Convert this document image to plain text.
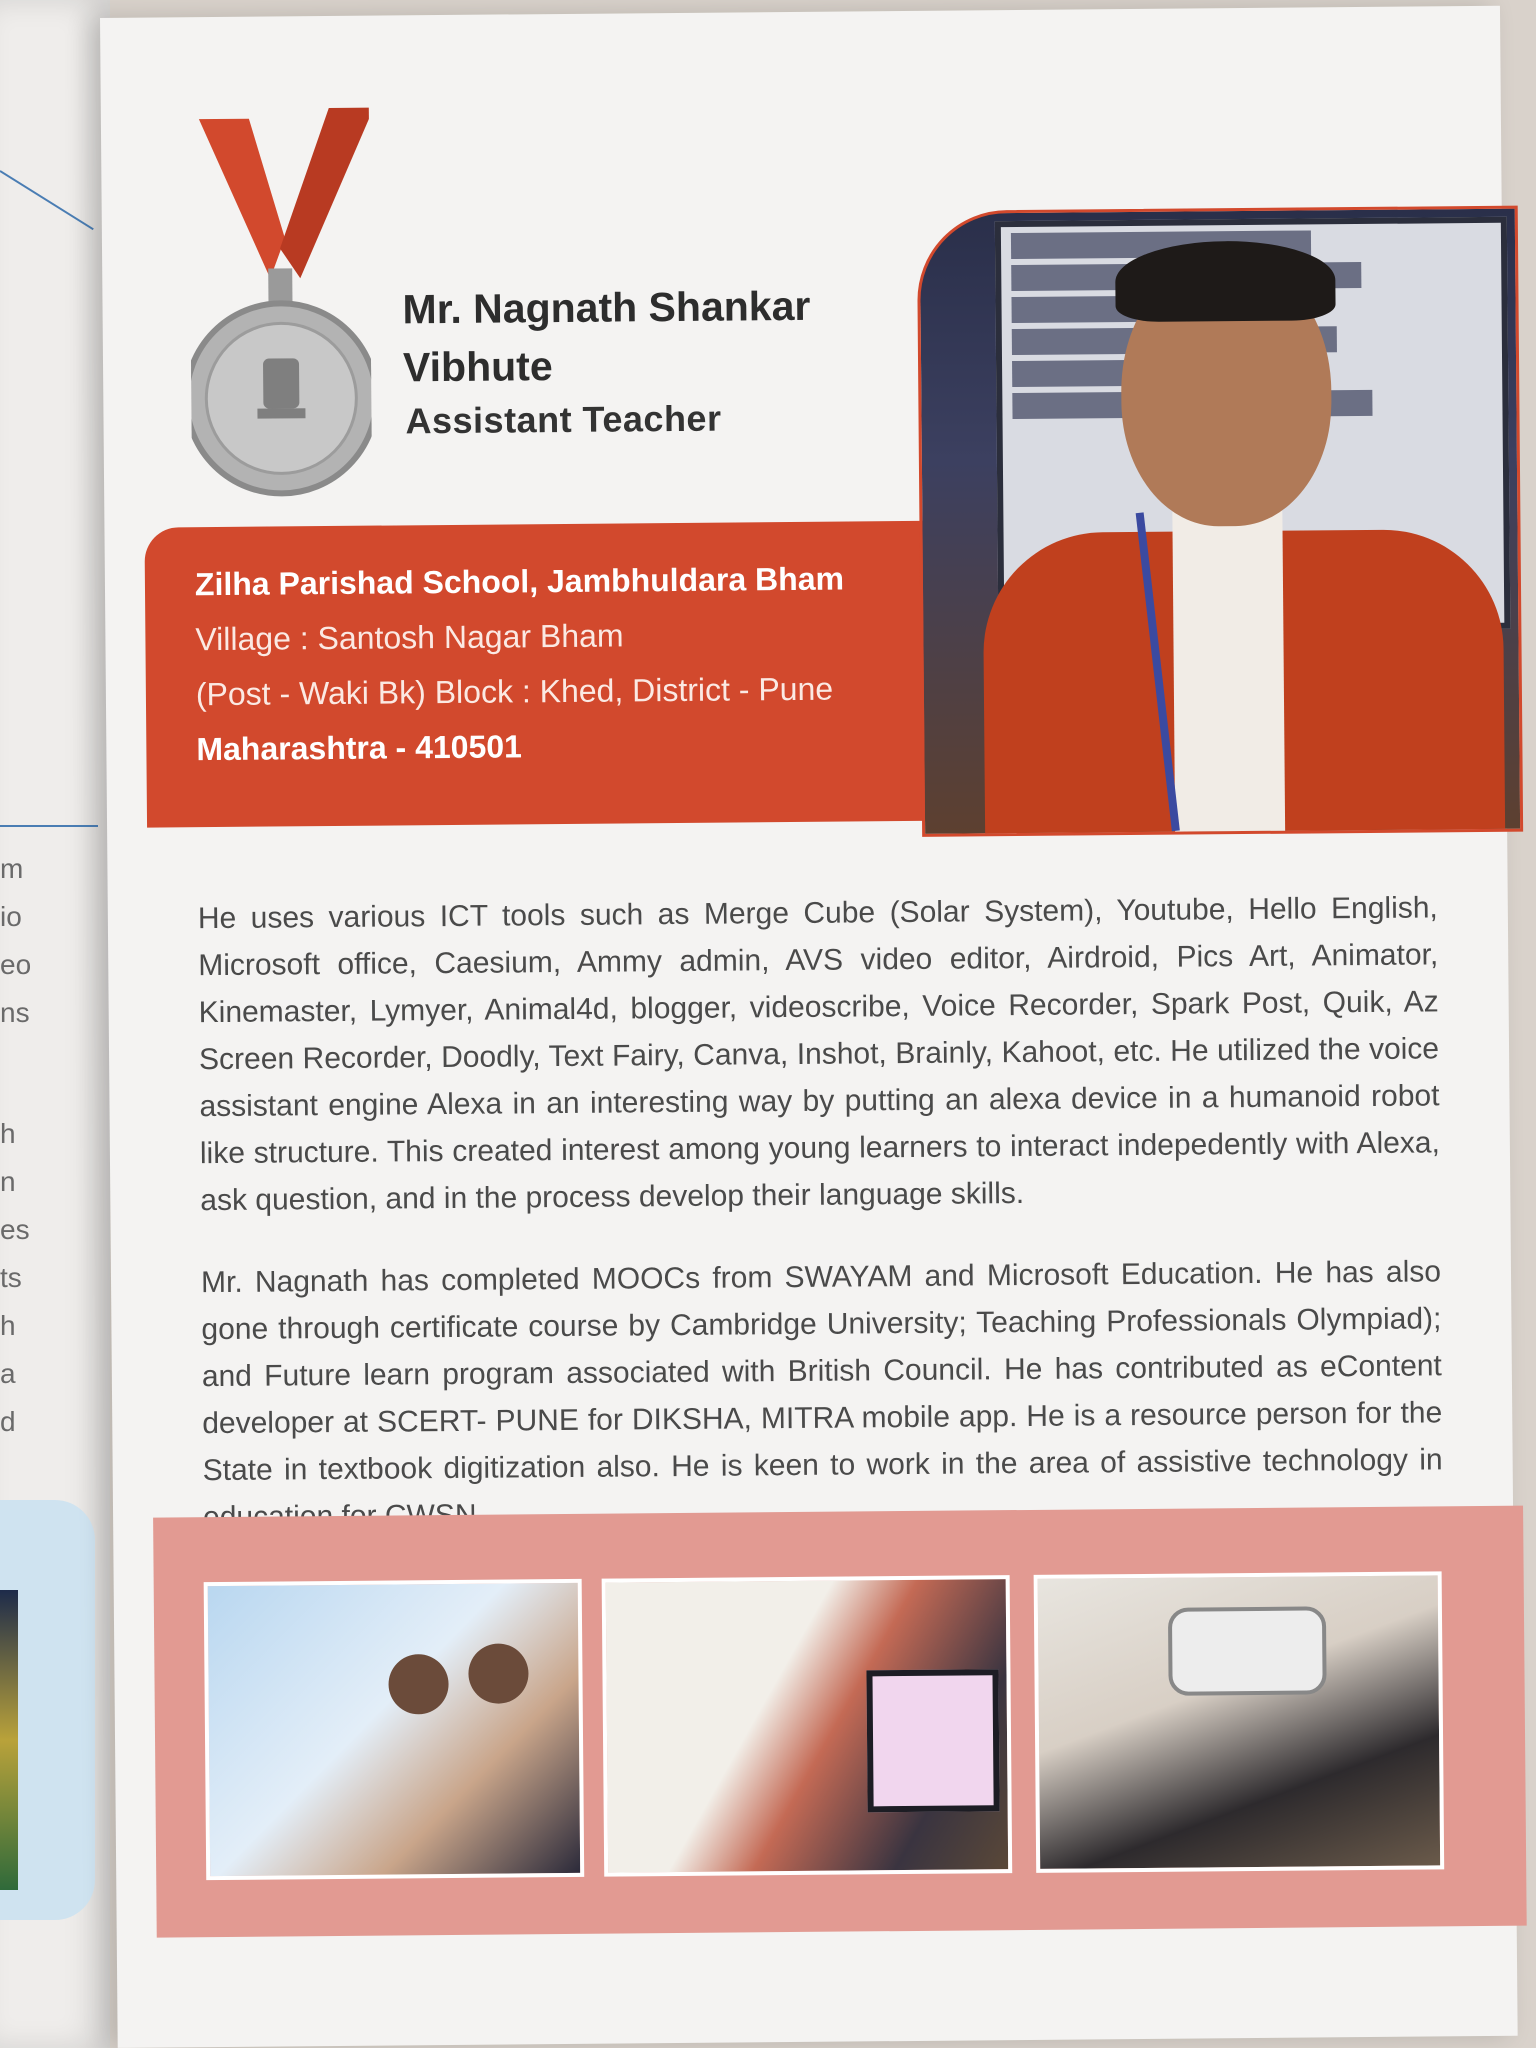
m
io
eo
ns
h
n
es
ts
h
a
d
Mr. Nagnath Shankar
Vibhute
Assistant Teacher
Zilha Parishad School, Jambhuldara Bham
Village : Santosh Nagar Bham
(Post - Waki Bk) Block : Khed, District - Pune
Maharashtra - 410501

He uses various ICT tools such as Merge Cube (Solar System), Youtube, Hello English, Microsoft office, Caesium, Ammy admin, AVS video editor, Airdroid, Pics Art, Animator, Kinemaster, Lymyer, Animal4d, blogger, videoscribe, Voice Recorder, Spark Post, Quik, Az Screen Recorder, Doodly, Text Fairy, Canva, Inshot, Brainly, Kahoot, etc. He utilized the voice assistant engine Alexa in an interesting way by putting an alexa device in a humanoid robot like structure. This created interest among young learners to interact indepedently with Alexa, ask question, and in the process develop their language skills.

Mr. Nagnath has completed MOOCs from SWAYAM and Microsoft Education. He has also gone through certificate course by Cambridge University; Teaching Professionals Olympiad); and Future learn program associated with British Council. He has contributed as eContent developer at SCERT- PUNE for DIKSHA, MITRA mobile app. He is a resource person for the State in textbook digitization also. He is keen to work in the area of assistive technology in
